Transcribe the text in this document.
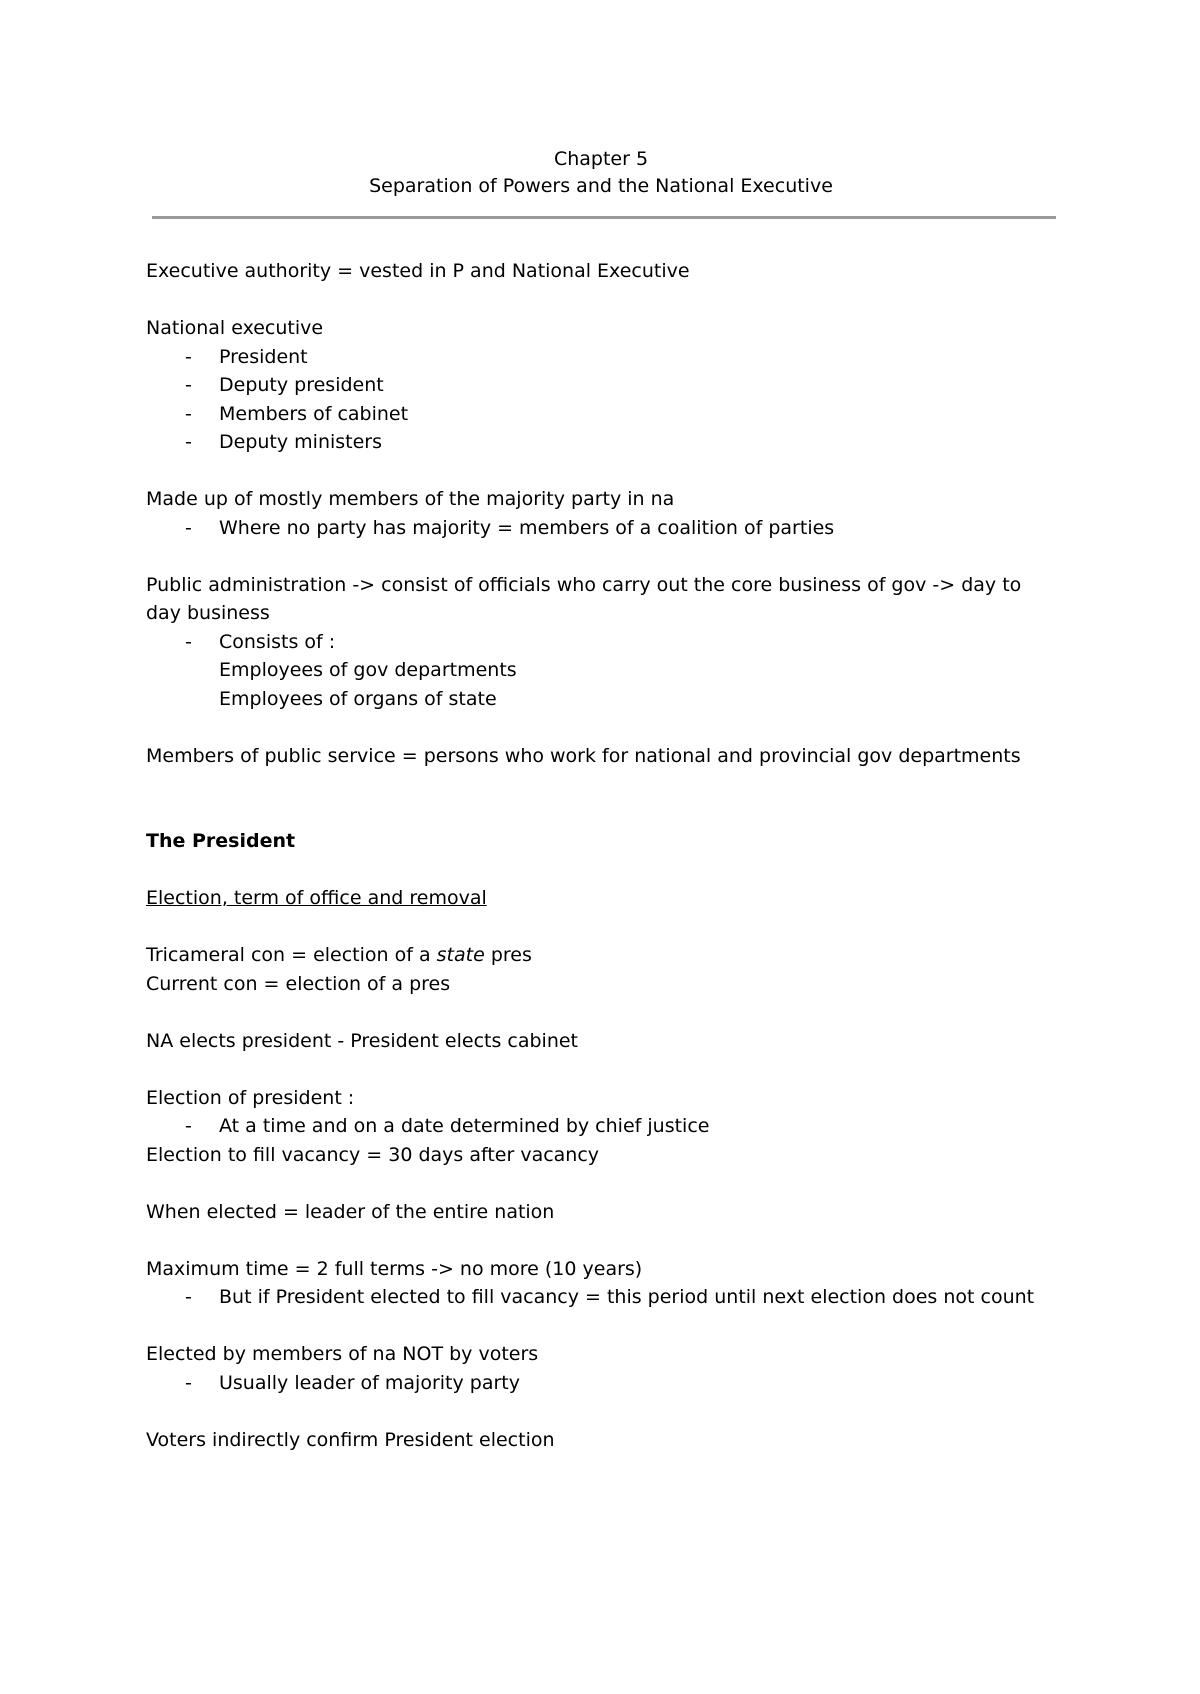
Chapter 5
Separation of Powers and the National Executive

Executive authority = vested in P and National Executive

National executive

- President
- Deputy president
- Members of cabinet
- Deputy ministers

Made up of mostly members of the majority party in na

- Where no party has majority = members of a coalition of parties

Public administration -> consist of officials who carry out the core business of gov -> day to day business

- Consists of :
Employees of gov departments
Employees of organs of state

Members of public service = persons who work for national and provincial gov departments

The President

Election, term of office and removal

Tricameral con = election of a state pres

Current con = election of a pres

NA elects president - President elects cabinet

Election of president :

- At a time and on a date determined by chief justice

Election to fill vacancy = 30 days after vacancy

When elected = leader of the entire nation

Maximum time = 2 full terms -> no more (10 years)

- But if President elected to fill vacancy = this period until next election does not count

Elected by members of na NOT by voters

- Usually leader of majority party

Voters indirectly confirm President election
